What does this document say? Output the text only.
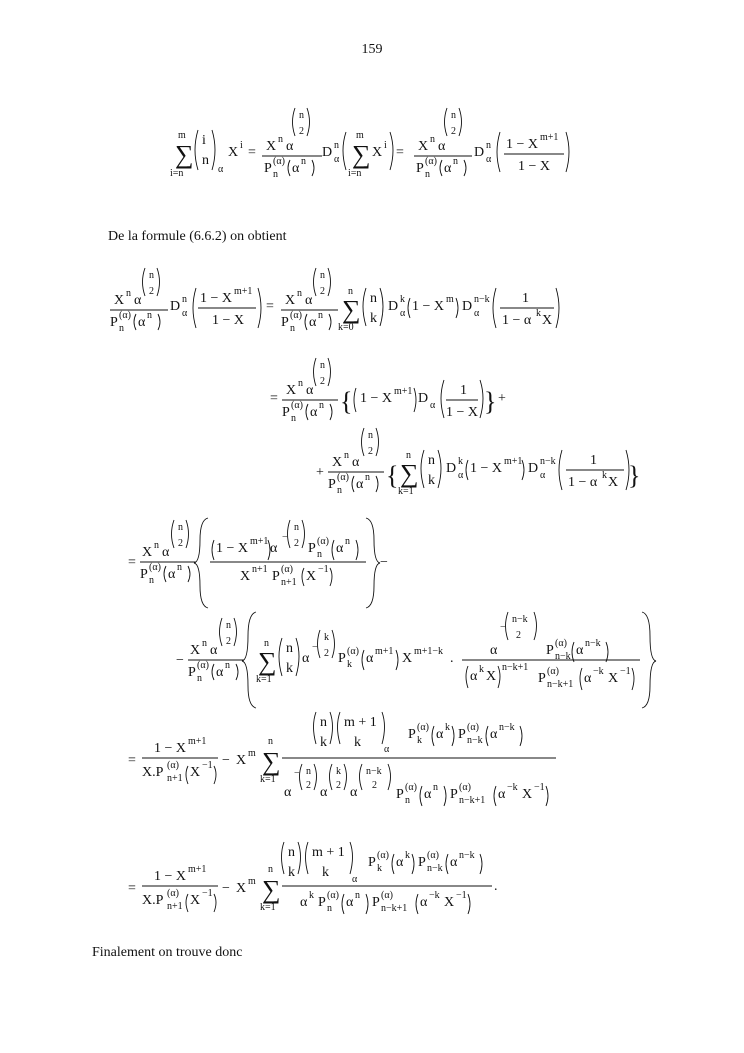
159
De la formule (6.6.2) on obtient
Finalement on trouve donc
m
∑
i=n
i
n
α
X i =
n
2
X n α
P (α)
n α n
D n
α
m
∑
i=n
X i =
n
2
X n α
P (α)
n α n
D n
α
1 − X m+1
1 − X
n
2
X n α
P (α)
n α n
D n
α
1 − X m+1
1 − X
=
n
2
X n α
P (α)
n α n
n
∑
k=0
n
k
D k
α 1 − X m D n−k
α
1
1 − α k X
=
n
2
X n α
P (α)
n α n { 1 − X m+1 D α
1
1 − X } +
+
n
2
X n α
P (α)
n α n {
n
∑
k=1
n
k
D k
α 1 − X m+1 D n−k
α
1
1 − α k X }
=
n
2
X n α
P (α)
n α n
1 − X m+1 α
−
n
2 P (α)
n α n
X n+1 P (α)
n+1 X −1	−
−
n
2
X n α
P (α)
n α n
n
∑
k=1
n
k
α
−
k
2 P (α)
k α m+1 X m+1−k .
α
−
n−k
2
P (α)
n−k α n−k
α k X
n−k+1
P (α)
n−k+1 α −k X −1
=
1 − X m+1
X.P (α)
n+1 X −1 − X m
n
∑
k=1
n
k
m + 1
k α
P (α)
k α k P (α)
n−k α n−k
α
− n
2 α
k
2 α
n−k
2
P (α)
n α n P (α)
n−k+1 α −k X −1
=
1 − X m+1
X.P (α)
n+1 X −1 − X m
n
∑
k=1
n
k
m + 1
k α
P (α)
k α k P (α)
n−k α n−k
.
α k P (α)
n α n P (α)
n−k+1 α −k X −1
